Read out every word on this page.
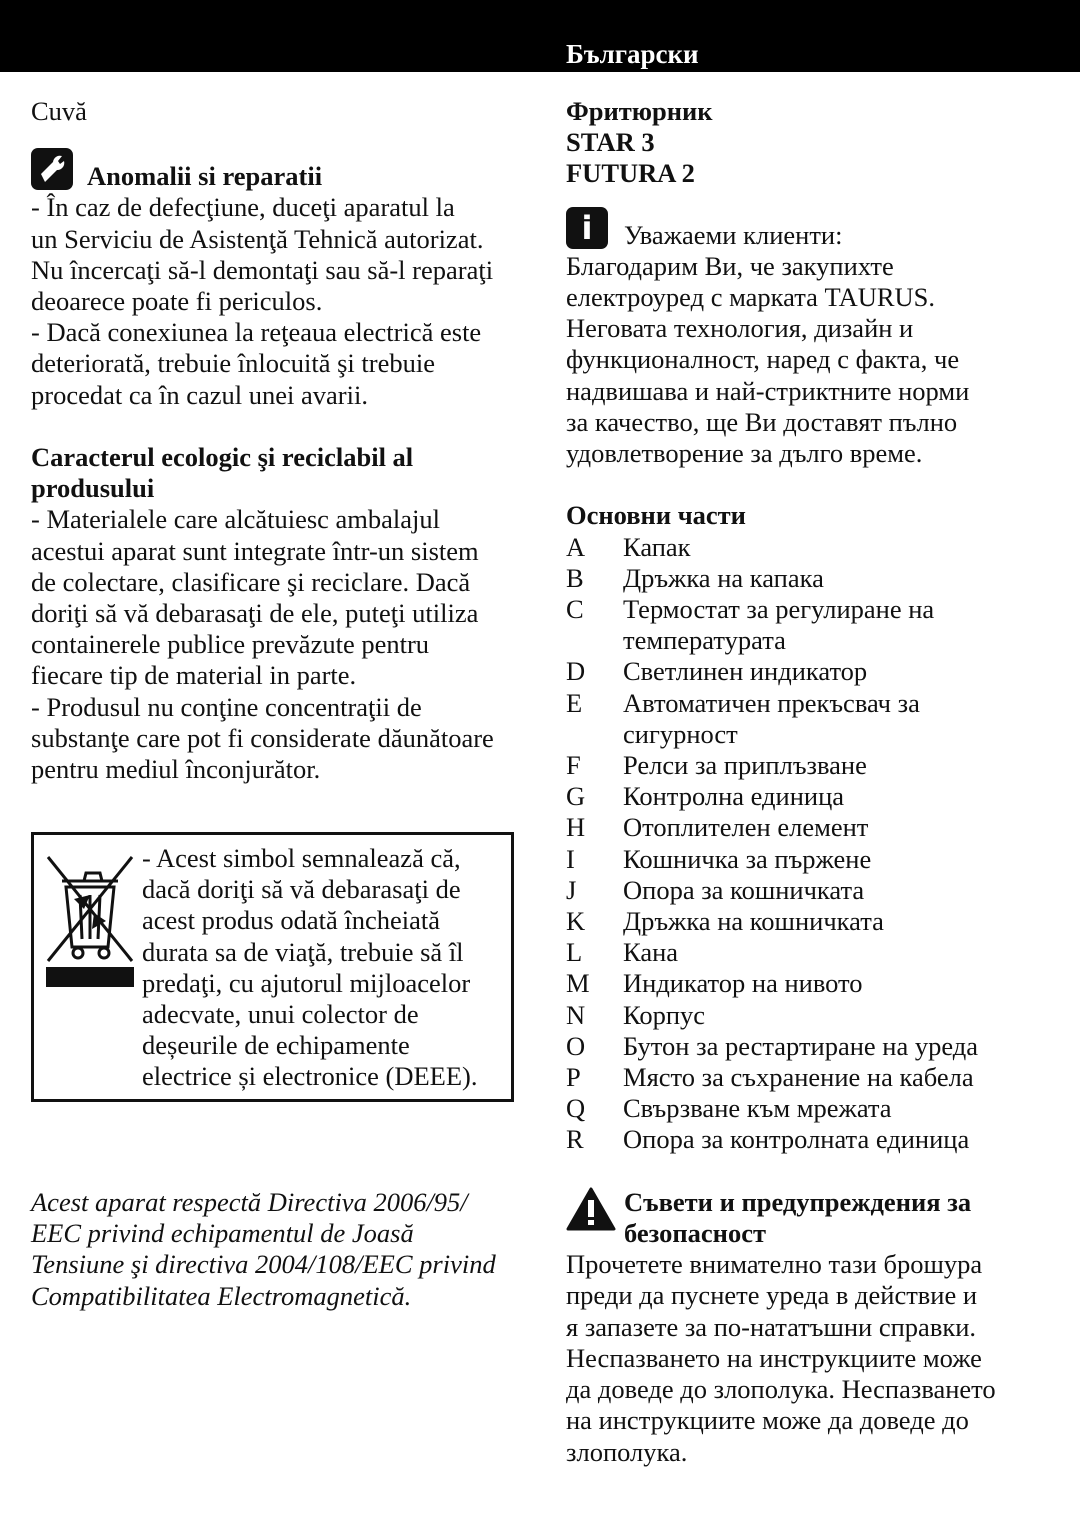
Български

Cuvă

Anomalii si reparatii

- În caz de defecţiune, duceţi aparatul la

un Serviciu de Asistenţă Tehnică autorizat.

Nu încercaţi să-l demontaţi sau să-l reparaţi

deoarece poate fi periculos.

- Dacă conexiunea la reţeaua electrică este

deteriorată, trebuie înlocuită şi trebuie

procedat ca în cazul unei avarii.

Caracterul ecologic şi reciclabil al

produsului

- Materialele care alcătuiesc ambalajul

acestui aparat sunt integrate într-un sistem

de colectare, clasificare şi reciclare. Dacă

doriţi să vă debarasaţi de ele, puteţi utiliza

containerele publice prevăzute pentru

fiecare tip de material in parte.

- Produsul nu conţine concentraţii de

substanţe care pot fi considerate dăunătoare

pentru mediul înconjurător.

- Acest simbol semnalează că,

dacă doriţi să vă debarasaţi de

acest produs odată încheiată

durata sa de viaţă, trebuie să îl

predaţi, cu ajutorul mijloacelor

adecvate, unui colector de

deșeurile de echipamente

electrice și electronice (DEEE).

Acest aparat respectă Directiva 2006/95/

EEC privind echipamentul de Joasă

Tensiune şi directiva 2004/108/EEC privind

Compatibilitatea Electromagnetică.

Фритюрник

STAR 3

FUTURA 2

i	Уважаеми клиенти:

Благодарим Ви, че закупихте

електроуред с марката TAURUS.

Неговата технология, дизайн и

функционалност, наред с факта, че

надвишава и най-стриктните норми

за качество, ще Ви доставят пълно

удовлетворение за дълго време.

Основни части

A	Капак
B	Дръжка на капака
C	Термостат за регулиране на
температурата
D	Светлинен индикатор
E	Автоматичен прекъсвач за
сигурност
F	Релси за приплъзване
G	Контролна единица
H	Отоплителен елемент
I	Кошничка за пържене
J	Опора за кошничката
K	Дръжка на кошничката
L	Кана
M	Индикатор на нивото
N	Корпус
O	Бутон за рестартиране на уреда
P	Място за съхранение на кабела
Q	Свързване към мрежата
R	Опора за контролната единица

Съвети и предупреждения за

безопасност

Прочетете внимателно тази брошура

преди да пуснете уреда в действие и

я запазете за по-нататъшни справки.

Неспазването на инструкциите може

да доведе до злополука. Неспазването

на инструкциите може да доведе до

злополука.
